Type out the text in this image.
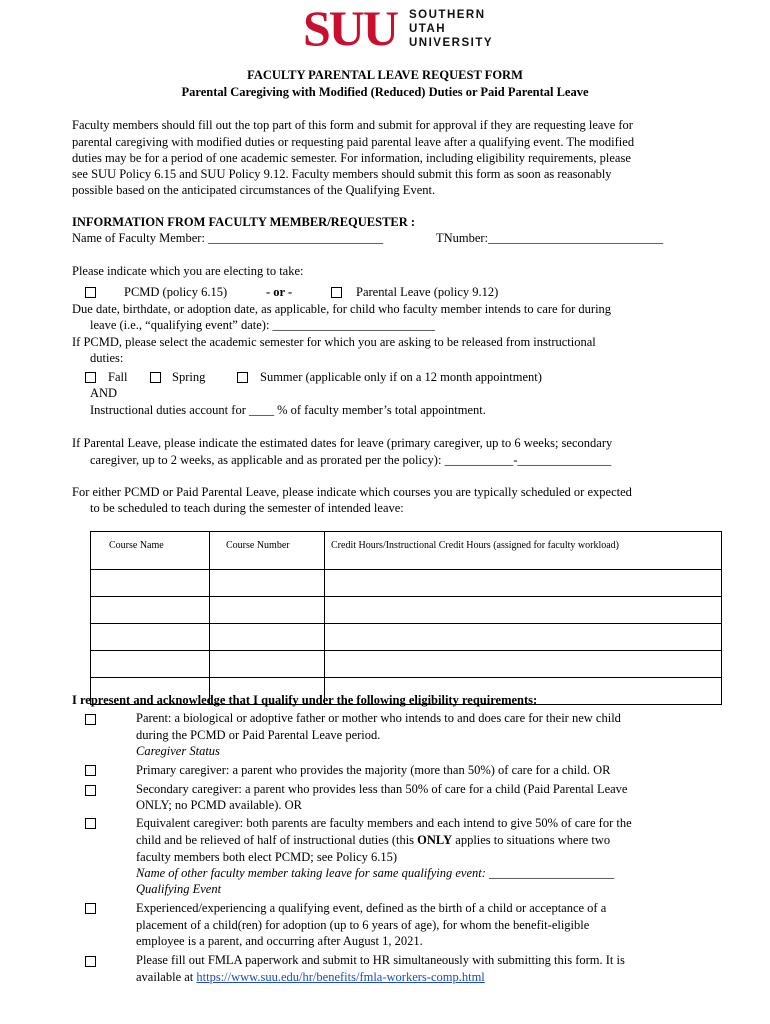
SUU SOUTHERN
UTAH
UNIVERSITY
FACULTY PARENTAL LEAVE REQUEST FORM
Parental Caregiving with Modified (Reduced) Duties or Paid Parental Leave
Faculty members should fill out the top part of this form and submit for approval if they are requesting leave for
parental caregiving with modified duties or requesting paid parental leave after a qualifying event. The modified
duties may be for a period of one academic semester. For information, including eligibility requirements, please
see SUU Policy 6.15 and SUU Policy 9.12. Faculty members should submit this form as soon as reasonably
possible based on the anticipated circumstances of the Qualifying Event.
INFORMATION FROM FACULTY MEMBER/REQUESTER :
Name of Faculty Member: ____________________________	TNumber:____________________________
Please indicate which you are electing to take:
PCMD (policy 6.15)	- or -	Parental Leave (policy 9.12)
Due date, birthdate, or adoption date, as applicable, for child who faculty member intends to care for during
leave (i.e., “qualifying event” date): __________________________
If PCMD, please select the academic semester for which you are asking to be released from instructional
duties:
Fall	Spring	Summer (applicable only if on a 12 month appointment)
AND
Instructional duties account for ____ % of faculty member’s total appointment.
If Parental Leave, please indicate the estimated dates for leave (primary caregiver, up to 6 weeks; secondary
caregiver, up to 2 weeks, as applicable and as prorated per the policy): ___________-_______________
For either PCMD or Paid Parental Leave, please indicate which courses you are typically scheduled or expected
to be scheduled to teach during the semester of intended leave:
Course Name	Course Number	Credit Hours/Instructional Credit Hours (assigned for faculty workload)

I represent and acknowledge that I qualify under the following eligibility requirements:
Parent: a biological or adoptive father or mother who intends to and does care for their new child
during the PCMD or Paid Parental Leave period.
Caregiver Status
Primary caregiver: a parent who provides the majority (more than 50%) of care for a child. OR
Secondary caregiver: a parent who provides less than 50% of care for a child (Paid Parental Leave
ONLY; no PCMD available). OR
Equivalent caregiver: both parents are faculty members and each intend to give 50% of care for the
child and be relieved of half of instructional duties (this ONLY applies to situations where two
faculty members both elect PCMD; see Policy 6.15)
Name of other faculty member taking leave for same qualifying event: ____________________
Qualifying Event
Experienced/experiencing a qualifying event, defined as the birth of a child or acceptance of a
placement of a child(ren) for adoption (up to 6 years of age), for whom the benefit-eligible
employee is a parent, and occurring after August 1, 2021.
Please fill out FMLA paperwork and submit to HR simultaneously with submitting this form. It is
available at https://www.suu.edu/hr/benefits/fmla-workers-comp.html
